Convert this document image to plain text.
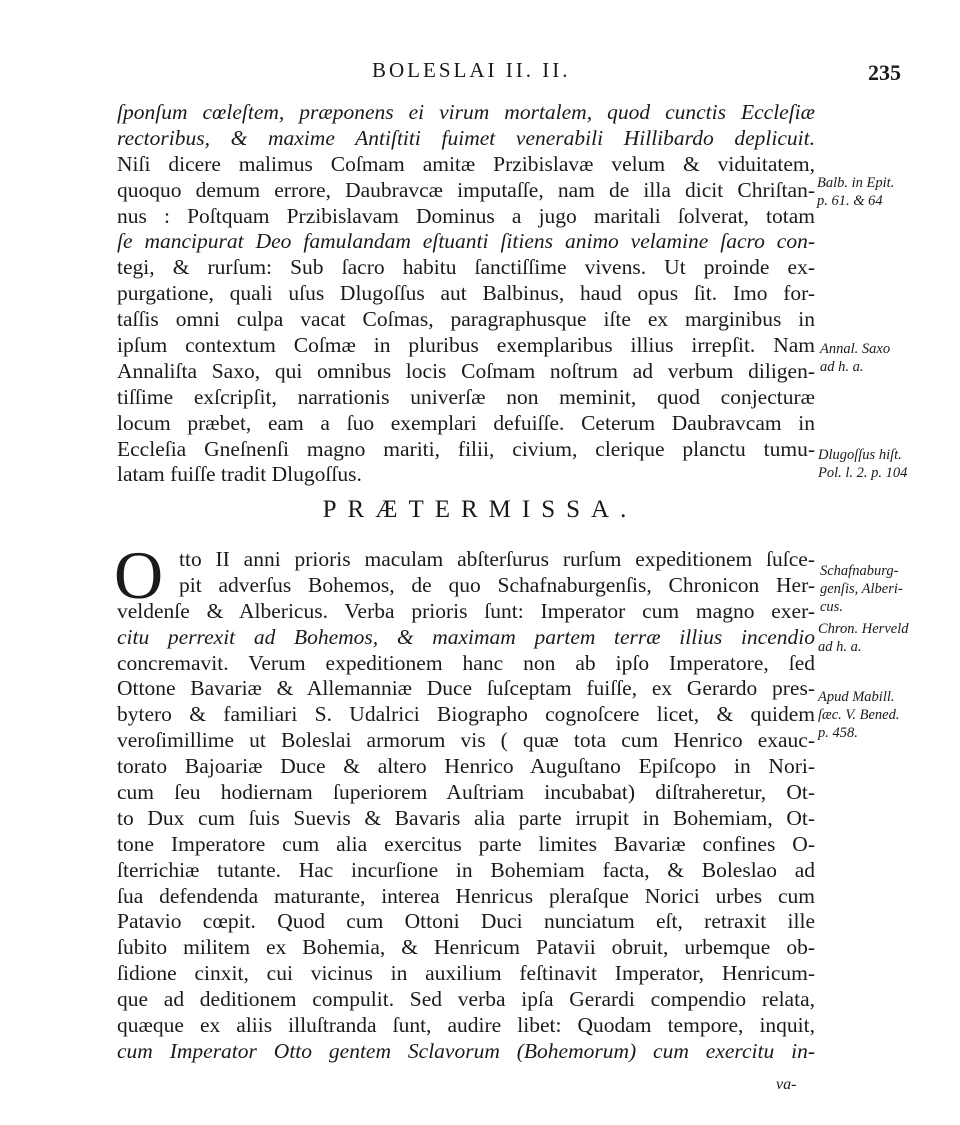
BOLESLAI II. II.	235
ſponſum cœleſtem, præponens ei virum mortalem, quod cunctis Eccleſiæ
rectoribus, & maxime Antiſtiti fuimet venerabili Hillibardo deplicuit.
Niſi dicere malimus Coſmam amitæ Przibislavæ velum & viduitatem,
quoquo demum errore, Daubravcæ imputaſſe, nam de illa dicit Chriſtan-
nus : Poſtquam Przibislavam Dominus a jugo maritali ſolverat, totam
ſe mancipurat Deo famulandam eſtuanti ſitiens animo velamine ſacro con-
tegi, & rurſum: Sub ſacro habitu ſanctiſſime vivens. Ut proinde ex-
purgatione, quali uſus Dlugoſſus aut Balbinus, haud opus ſit. Imo for-
taſſis omni culpa vacat Coſmas, paragraphusque iſte ex marginibus in
ipſum contextum Coſmæ in pluribus exemplaribus illius irrepſit. Nam
Annaliſta Saxo, qui omnibus locis Coſmam noſtrum ad verbum diligen-
tiſſime exſcripſit, narrationis univerſæ non meminit, quod conjecturæ
locum præbet, eam a ſuo exemplari defuiſſe. Ceterum Daubravcam in
Eccleſia Gneſnenſi magno mariti, filii, civium, clerique planctu tumu-
latam fuiſſe tradit Dlugoſſus.
PRÆTERMISSA.
O tto II anni prioris maculam abſterſurus rurſum expeditionem ſuſce-
pit adverſus Bohemos, de quo Schafnaburgenſis, Chronicon Her-
veldenſe & Albericus. Verba prioris ſunt: Imperator cum magno exer-
citu perrexit ad Bohemos, & maximam partem terræ illius incendio
concremavit. Verum expeditionem hanc non ab ipſo Imperatore, ſed
Ottone Bavariæ & Allemanniæ Duce ſuſceptam fuiſſe, ex Gerardo pres-
bytero & familiari S. Udalrici Biographo cognoſcere licet, & quidem
veroſimillime ut Boleslai armorum vis ( quæ tota cum Henrico exauc-
torato Bajoariæ Duce & altero Henrico Auguſtano Epiſcopo in Nori-
cum ſeu hodiernam ſuperiorem Auſtriam incubabat) diſtraheretur, Ot-
to Dux cum ſuis Suevis & Bavaris alia parte irrupit in Bohemiam, Ot-
tone Imperatore cum alia exercitus parte limites Bavariæ confines O-
ſterrichiæ tutante. Hac incurſione in Bohemiam facta, & Boleslao ad
ſua defendenda maturante, interea Henricus pleraſque Norici urbes cum
Patavio cœpit. Quod cum Ottoni Duci nunciatum eſt, retraxit ille
ſubito militem ex Bohemia, & Henricum Patavii obruit, urbemque ob-
ſidione cinxit, cui vicinus in auxilium feſtinavit Imperator, Henricum-
que ad deditionem compulit. Sed verba ipſa Gerardi compendio relata,
quæque ex aliis illuſtranda ſunt, audire libet: Quodam tempore, inquit,
cum Imperator Otto gentem Sclavorum (Bohemorum) cum exercitu in-
Balb. in Epit.
p. 61. & 64
Annal. Saxo
ad h. a.
Dlugoſſus hiſt.
Pol. l. 2. p. 104
Schafnaburg-
genſis, Alberi-
cus.
Chron. Herveld
ad h. a.
Apud Mabill.
ſæc. V. Bened.
p. 458.
va-
